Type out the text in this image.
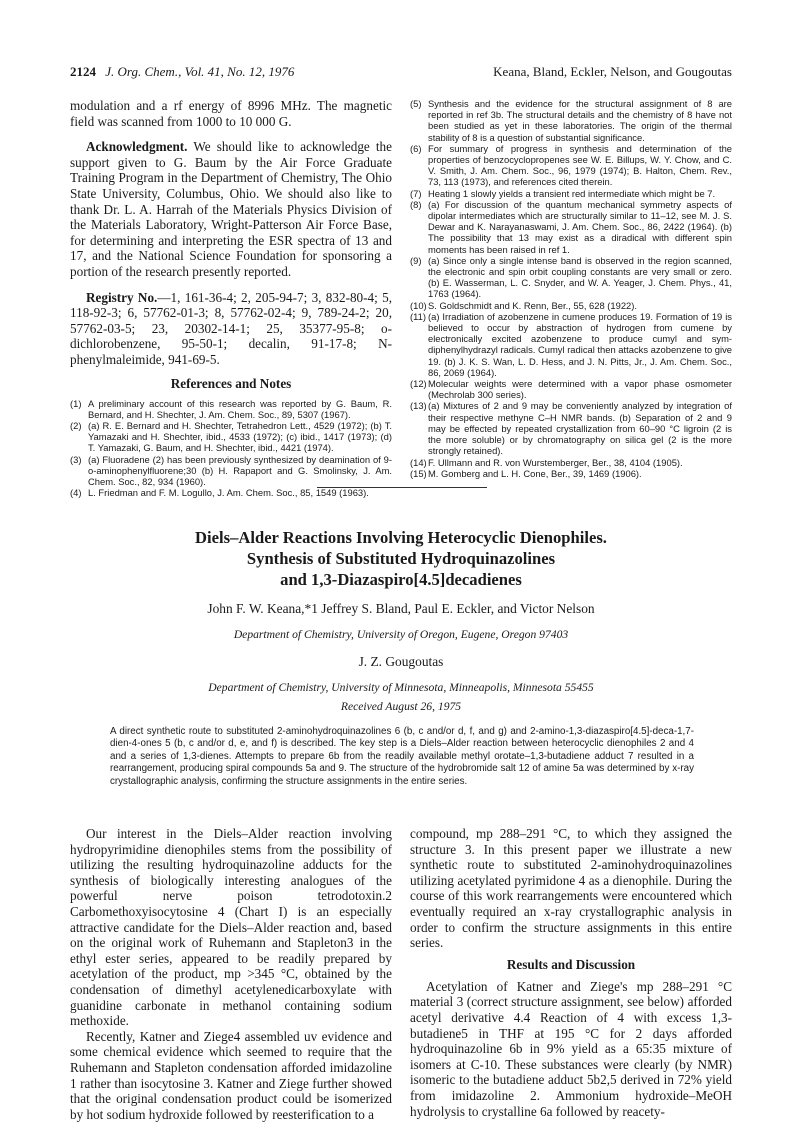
2124 J. Org. Chem., Vol. 41, No. 12, 1976	Keana, Bland, Eckler, Nelson, and Gougoutas

modulation and a rf energy of 8996 MHz. The magnetic field was scanned from 1000 to 10 000 G.

Acknowledgment. We should like to acknowledge the support given to G. Baum by the Air Force Graduate Training Program in the Department of Chemistry, The Ohio State University, Columbus, Ohio. We should also like to thank Dr. L. A. Harrah of the Materials Physics Division of the Materials Laboratory, Wright-Patterson Air Force Base, for determining and interpreting the ESR spectra of 13 and 17, and the National Science Foundation for sponsoring a portion of the research presently reported.

Registry No.—1, 161-36-4; 2, 205-94-7; 3, 832-80-4; 5, 118-92-3; 6, 57762-01-3; 8, 57762-02-4; 9, 789-24-2; 20, 57762-03-5; 23, 20302-14-1; 25, 35377-95-8; o-dichlorobenzene, 95-50-1; decalin, 91-17-8; N-phenylmaleimide, 941-69-5.

References and Notes
(1) A preliminary account of this research was reported by G. Baum, R. Bernard, and H. Shechter, J. Am. Chem. Soc., 89, 5307 (1967).
(2) (a) R. E. Bernard and H. Shechter, Tetrahedron Lett., 4529 (1972); (b) T. Yamazaki and H. Shechter, ibid., 4533 (1972); (c) ibid., 1417 (1973); (d) T. Yamazaki, G. Baum, and H. Shechter, ibid., 4421 (1974).
(3) (a) Fluoradene (2) has been previously synthesized by deamination of 9-o-aminophenylfluorene;30 (b) H. Rapaport and G. Smolinsky, J. Am. Chem. Soc., 82, 934 (1960).
(4) L. Friedman and F. M. Logullo, J. Am. Chem. Soc., 85, 1549 (1963).
(5) Synthesis and the evidence for the structural assignment of 8 are reported in ref 3b. The structural details and the chemistry of 8 have not been studied as yet in these laboratories. The origin of the thermal stability of 8 is a question of substantial significance.
(6) For summary of progress in synthesis and determination of the properties of benzocyclopropenes see W. E. Billups, W. Y. Chow, and C. V. Smith, J. Am. Chem. Soc., 96, 1979 (1974); B. Halton, Chem. Rev., 73, 113 (1973), and references cited therein.
(7) Heating 1 slowly yields a transient red intermediate which might be 7.
(8) (a) For discussion of the quantum mechanical symmetry aspects of dipolar intermediates which are structurally similar to 11–12, see M. J. S. Dewar and K. Narayanaswami, J. Am. Chem. Soc., 86, 2422 (1964). (b) The possibility that 13 may exist as a diradical with different spin moments has been raised in ref 1.
(9) (a) Since only a single intense band is observed in the region scanned, the electronic and spin orbit coupling constants are very small or zero. (b) E. Wasserman, L. C. Snyder, and W. A. Yeager, J. Chem. Phys., 41, 1763 (1964).
(10) S. Goldschmidt and K. Renn, Ber., 55, 628 (1922).
(11) (a) Irradiation of azobenzene in cumene produces 19. Formation of 19 is believed to occur by abstraction of hydrogen from cumene by electronically excited azobenzene to produce cumyl and sym-diphenylhydrazyl radicals. Cumyl radical then attacks azobenzene to give 19. (b) J. K. S. Wan, L. D. Hess, and J. N. Pitts, Jr., J. Am. Chem. Soc., 86, 2069 (1964).
(12) Molecular weights were determined with a vapor phase osmometer (Mechrolab 300 series).
(13) (a) Mixtures of 2 and 9 may be conveniently analyzed by integration of their respective methyne C–H NMR bands. (b) Separation of 2 and 9 may be effected by repeated crystallization from 60–90 °C ligroin (2 is the more soluble) or by chromatography on silica gel (2 is the more strongly retained).
(14) F. Ullmann and R. von Wurstemberger, Ber., 38, 4104 (1905).
(15) M. Gomberg and L. H. Cone, Ber., 39, 1469 (1906).
Diels–Alder Reactions Involving Heterocyclic Dienophiles.
Synthesis of Substituted Hydroquinazolines
and 1,3-Diazaspiro[4.5]decadienes
John F. W. Keana,*1 Jeffrey S. Bland, Paul E. Eckler, and Victor Nelson
Department of Chemistry, University of Oregon, Eugene, Oregon 97403
J. Z. Gougoutas
Department of Chemistry, University of Minnesota, Minneapolis, Minnesota 55455
Received August 26, 1975
A direct synthetic route to substituted 2-aminohydroquinazolines 6 (b, c and/or d, f, and g) and 2-amino-1,3-diazaspiro[4.5]-deca-1,7-dien-4-ones 5 (b, c and/or d, e, and f) is described. The key step is a Diels–Alder reaction between heterocyclic dienophiles 2 and 4 and a series of 1,3-dienes. Attempts to prepare 6b from the readily available methyl orotate–1,3-butadiene adduct 7 resulted in a rearrangement, producing spiral compounds 5a and 9. The structure of the hydrobromide salt 12 of amine 5a was determined by x-ray crystallographic analysis, confirming the structure assignments in the entire series.

Our interest in the Diels–Alder reaction involving hydropyrimidine dienophiles stems from the possibility of utilizing the resulting hydroquinazoline adducts for the synthesis of biologically interesting analogues of the powerful nerve poison tetrodotoxin.2 Carbomethoxyisocytosine 4 (Chart I) is an especially attractive candidate for the Diels–Alder reaction and, based on the original work of Ruhemann and Stapleton3 in the ethyl ester series, appeared to be readily prepared by acetylation of the product, mp >345 °C, obtained by the condensation of dimethyl acetylenedicarboxylate with guanidine carbonate in methanol containing sodium methoxide.

Recently, Katner and Ziege4 assembled uv evidence and some chemical evidence which seemed to require that the Ruhemann and Stapleton condensation afforded imidazoline 1 rather than isocytosine 3. Katner and Ziege further showed that the original condensation product could be isomerized by hot sodium hydroxide followed by reesterification to a

compound, mp 288–291 °C, to which they assigned the structure 3. In this present paper we illustrate a new synthetic route to substituted 2-aminohydroquinazolines utilizing acetylated pyrimidone 4 as a dienophile. During the course of this work rearrangements were encountered which eventually required an x-ray crystallographic analysis in order to confirm the structure assignments in this entire series.

Results and Discussion

Acetylation of Katner and Ziege's mp 288–291 °C material 3 (correct structure assignment, see below) afforded acetyl derivative 4.4 Reaction of 4 with excess 1,3-butadiene5 in THF at 195 °C for 2 days afforded hydroquinazoline 6b in 9% yield as a 65:35 mixture of isomers at C-10. These substances were clearly (by NMR) isomeric to the butadiene adduct 5b2,5 derived in 72% yield from imidazoline 2. Ammonium hydroxide–MeOH hydrolysis to crystalline 6a followed by reacety-
